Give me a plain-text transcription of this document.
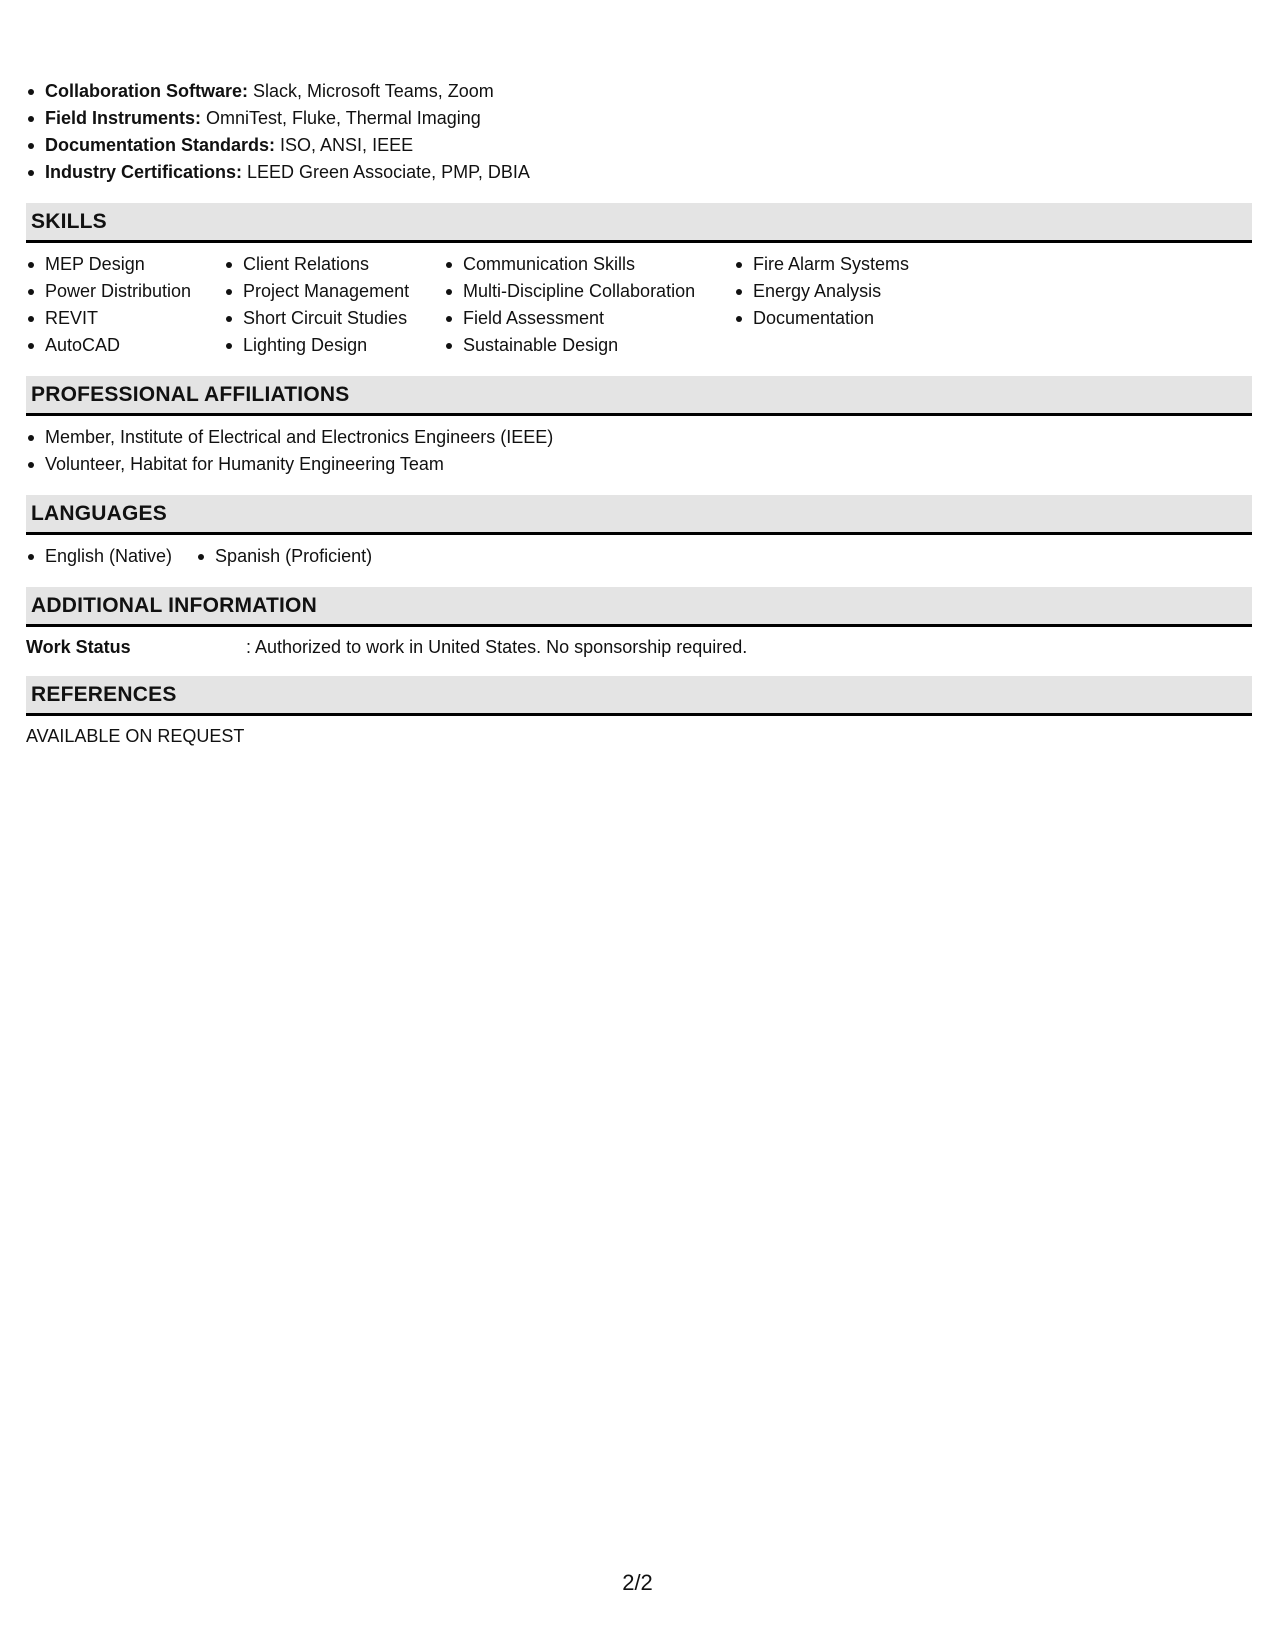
Collaboration Software: Slack, Microsoft Teams, Zoom
Field Instruments: OmniTest, Fluke, Thermal Imaging
Documentation Standards: ISO, ANSI, IEEE
Industry Certifications: LEED Green Associate, PMP, DBIA
SKILLS
MEP Design
Power Distribution
REVIT
AutoCAD
Client Relations
Project Management
Short Circuit Studies
Lighting Design
Communication Skills
Multi-Discipline Collaboration
Field Assessment
Sustainable Design
Fire Alarm Systems
Energy Analysis
Documentation
PROFESSIONAL AFFILIATIONS
Member, Institute of Electrical and Electronics Engineers (IEEE)
Volunteer, Habitat for Humanity Engineering Team
LANGUAGES
English (Native)	Spanish (Proficient)
ADDITIONAL INFORMATION
Work Status	: Authorized to work in United States. No sponsorship required.
REFERENCES
AVAILABLE ON REQUEST
2/2
